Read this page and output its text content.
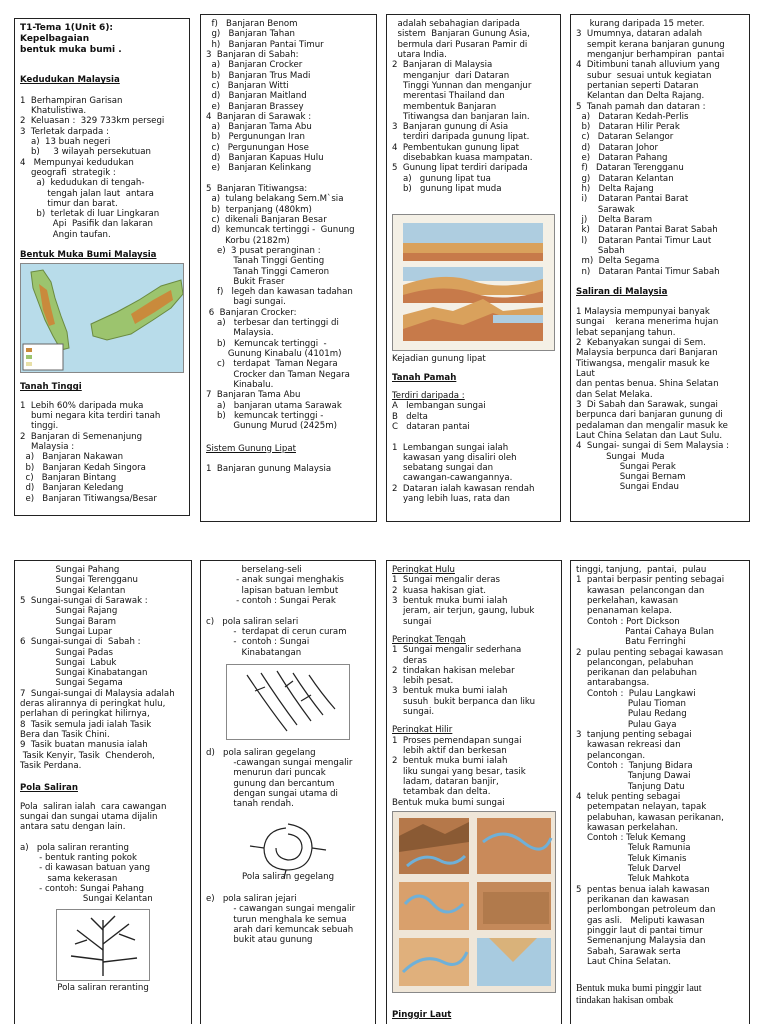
T1-Tema 1(Unit 6): Kepelbagaian
bentuk muka bumi .

Kedudukan Malaysia

1  Berhampiran Garisan
Khatulistiwa.
2  Keluasan :  329 733km persegi
3  Terletak darpada :
a)  13 buah negeri
b)     3 wilayah persekutuan
4   Mempunyai kedudukan
geografi  strategik :
a)  kedudukan di tengah-
tengah jalan laut  antara
timur dan barat.
b)  terletak di luar Lingkaran
Api  Pasifik dan lakaran
Angin taufan.

Bentuk Muka Bumi Malaysia

Tanah Tinggi

1  Lebih 60% daripada muka
bumi negara kita terdiri tanah
tinggi.
2  Banjaran di Semenanjung
Malaysia :
a)   Banjaran Nakawan
b)   Banjaran Kedah Singora
c)   Banjaran Bintang
d)   Banjaran Keledang
e)   Banjaran Titiwangsa/Besar

f)   Banjaran Benom
g)   Banjaran Tahan
h)   Banjaran Pantai Timur
3  Banjaran di Sabah:
a)   Banjaran Crocker
b)   Banjaran Trus Madi
c)   Banjaran Witti
d)   Banjaran Maitland
e)   Banjaran Brassey
4  Banjaran di Sarawak :
a)   Banjaran Tama Abu
b)   Pergunungan Iran
c)   Pergunungan Hose
d)   Banjaran Kapuas Hulu
e)   Banjaran Kelinkang

5  Banjaran Titiwangsa:
a)  tulang belakang Sem.M`sia
b)  terpanjang (480km)
c)  dikenali Banjaran Besar
d)  kemuncak tertinggi -  Gunung
Korbu (2182m)
e)  3 pusat peranginan :
Tanah Tinggi Genting
Tanah Tinggi Cameron
Bukit Fraser
f)   legeh dan kawasan tadahan
bagi sungai.
6  Banjaran Crocker:
a)   terbesar dan tertinggi di
Malaysia.
b)   Kemuncak tertinggi  -
Gunung Kinabalu (4101m)
c)   terdapat  Taman Negara
Crocker dan Taman Negara
Kinabalu.
7  Banjaran Tama Abu
a)   banjaran utama Sarawak
b)   kemuncak tertinggi -
Gunung Murud (2425m)

Sistem Gunung Lipat

1  Banjaran gunung Malaysia

adalah sebahagian daripada
sistem  Banjaran Gunung Asia,
bermula dari Pusaran Pamir di
utara India.
2  Banjaran di Malaysia
menganjur  dari Dataran
Tinggi Yunnan dan menganjur
merentasi Thailand dan
membentuk Banjaran
Titiwangsa dan banjaran lain.
3  Banjaran gunung di Asia
terdiri daripada gunung lipat.
4  Pembentukan gunung lipat
disebabkan kuasa mampatan.
5  Gunung lipat terdiri daripada
a)   gunung lipat tua
b)   gunung lipat muda

Kejadian gunung lipat

Tanah Pamah

Terdiri daripada :

A   lembangan sungai
B   delta
C   dataran pantai

1  Lembangan sungai ialah
kawasan yang disaliri oleh
sebatang sungai dan
cawangan-cawangannya.
2  Dataran ialah kawasan rendah
yang lebih luas, rata dan

kurang daripada 15 meter.
3  Umumnya, dataran adalah
sempit kerana banjaran gunung
menganjur berhampiran  pantai
4  Ditimbuni tanah alluvium yang
subur  sesuai untuk kegiatan
pertanian seperti Dataran
Kelantan dan Delta Rajang.
5  Tanah pamah dan dataran :
a)   Dataran Kedah-Perlis
b)   Dataran Hilir Perak
c)   Dataran Selangor
d)   Dataran Johor
e)   Dataran Pahang
f)   Dataran Terengganu
g)   Dataran Kelantan
h)   Delta Rajang
i)    Dataran Pantai Barat
Sarawak
j)    Delta Baram
k)   Dataran Pantai Barat Sabah
l)    Dataran Pantai Timur Laut
Sabah
m)  Delta Segama
n)   Dataran Pantai Timur Sabah

Saliran di Malaysia

1 Malaysia mempunyai banyak
sungai    kerana menerima hujan
lebat sepanjang tahun.
2  Kebanyakan sungai di Sem.
Malaysia berpunca dari Banjaran
Titiwangsa, mengalir masuk ke
Laut
dan pentas benua. Shina Selatan
dan Selat Melaka.
3  Di Sabah dan Sarawak, sungai
berpunca dari banjaran gunung di
pedalaman dan mengalir masuk ke
Laut China Selatan dan Laut Sulu.
4  Sungai- sungai di Sem Malaysia :
Sungai  Muda
Sungai Perak
Sungai Bernam
Sungai Endau

Sungai Pahang
Sungai Terengganu
Sungai Kelantan
5  Sungai-sungai di Sarawak :
Sungai Rajang
Sungai Baram
Sungai Lupar
6  Sungai-sungai di  Sabah :
Sungai Padas
Sungai  Labuk
Sungai Kinabatangan
Sungai Segama
7  Sungai-sungai di Malaysia adalah
deras alirannya di peringkat hulu,
perlahan di peringkat hilirnya,
8  Tasik semula jadi ialah Tasik
Bera dan Tasik Chini.
9  Tasik buatan manusia ialah
Tasik Kenyir, Tasik  Chenderoh,
Tasik Perdana.

Pola Saliran

Pola  saliran ialah  cara cawangan
sungai dan sungai utama dijalin
antara satu dengan lain.

a)   pola saliran reranting
- bentuk ranting pokok
- di kawasan batuan yang
sama kekerasan
- contoh: Sungai Pahang
Sungai Kelantan

Pola saliran reranting

berselang-seli
- anak sungai menghakis
lapisan batuan lembut
- contoh : Sungai Perak

c)   pola saliran selari
-  terdapat di cerun curam
-  contoh : Sungai
Kinabatangan

d)   pola saliran gegelang
-cawangan sungai mengalir
menurun dari puncak
gunung dan bercantum
dengan sungai utama di
tanah rendah.

Pola saliran gegelang

e)   pola saliran jejari
- cawangan sungai mengalir
turun menghala ke semua
arah dari kemuncak sebuah
bukit atau gunung

Peringkat Hulu

1  Sungai mengalir deras
2  kuasa hakisan giat.
3  bentuk muka bumi ialah
jeram, air terjun, gaung, lubuk
sungai

Peringkat Tengah

1  Sungai mengalir sederhana
deras
2  tindakan hakisan melebar
lebih pesat.
3  bentuk muka bumi ialah
susuh  bukit berpanca dan liku
sungai.

Peringkat Hilir

1  Proses pemendapan sungai
lebih aktif dan berkesan
2  bentuk muka bumi ialah
liku sungai yang besar, tasik
ladam, dataran banjir,
tetambak dan delta.

Bentuk muka bumi sungai

Pinggir Laut

tinggi, tanjung,  pantai,  pulau
1  pantai berpasir penting sebagai
kawasan  pelancongan dan
perkelahan, kawasan
penanaman kelapa.
Contoh : Port Dickson
Pantai Cahaya Bulan
Batu Ferringhi
2  pulau penting sebagai kawasan
pelancongan, pelabuhan
perikanan dan pelabuhan
antarabangsa.
Contoh :  Pulau Langkawi
Pulau Tioman
Pulau Redang
Pulau Gaya
3  tanjung penting sebagai
kawasan rekreasi dan
pelancongan.
Contoh :  Tanjung Bidara
Tanjung Dawai
Tanjung Datu
4  teluk penting sebagai
petempatan nelayan, tapak
pelabuhan, kawasan perikanan,
kawasan perkelahan.
Contoh : Teluk Kemang
Teluk Ramunia
Teluk Kimanis
Teluk Darvel
Teluk Mahkota
5  pentas benua ialah kawasan
perikanan dan kawasan
perlombongan petroleum dan
gas asli.   Meliputi kawasan
pinggir laut di pantai timur
Semenanjung Malaysia dan
Sabah, Sarawak serta
Laut China Selatan.

Bentuk muka bumi pinggir laut
tindakan hakisan ombak
